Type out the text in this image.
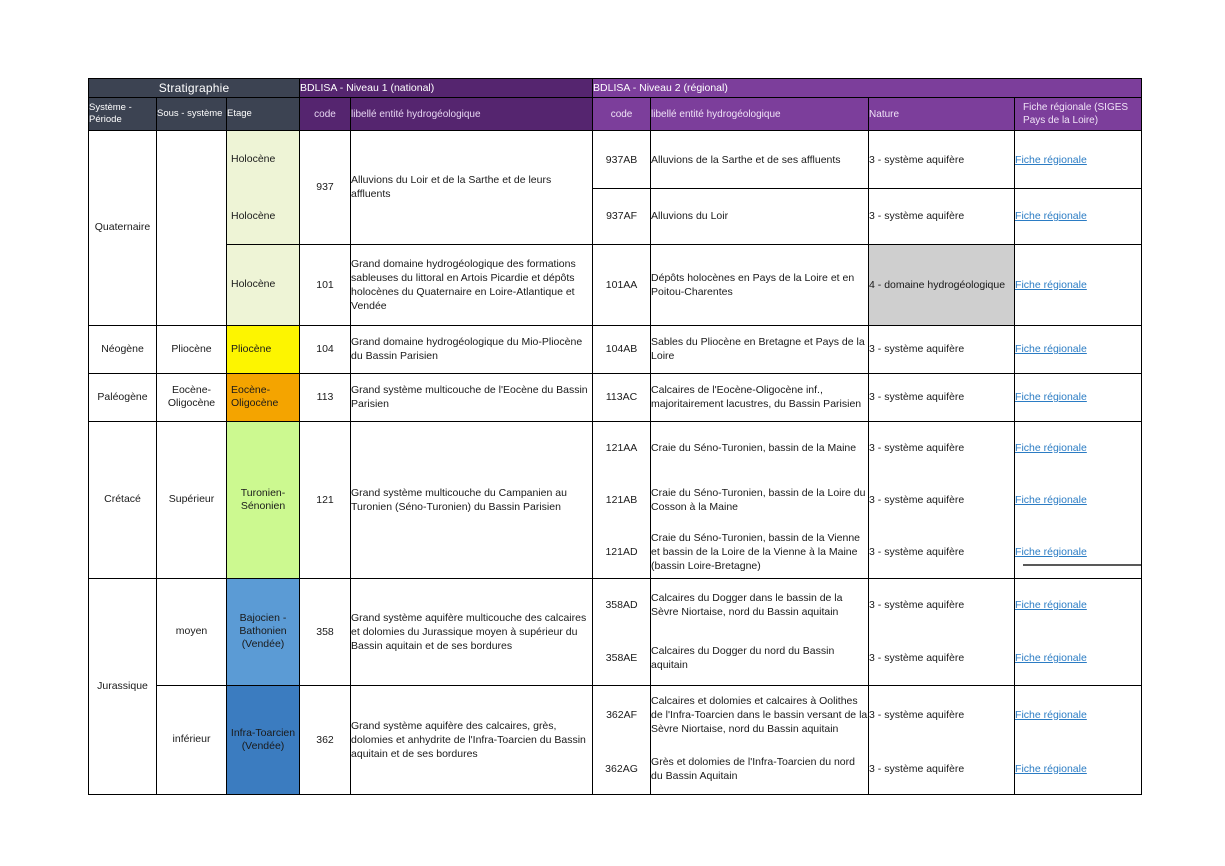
Stratigraphie			BDLISA - Niveau 1 (national)		BDLISA - Niveau 2 (régional)			
Système - Période	Sous - système	Etage	code	libellé entité hydrogéologique	code	libellé entité hydrogéologique	Nature	Fiche régionale (SIGES Pays de la Loire)
Quaternaire		Holocène	937	Alluvions du Loir et de la Sarthe et de leurs affluents	937AB	Alluvions de la Sarthe et de ses affluents	3 - système aquifère	Fiche régionale
		Holocène			937AF	Alluvions du Loir	3 - système aquifère	Fiche régionale
		Holocène	101	Grand domaine hydrogéologique des formations sableuses du littoral en Artois Picardie et dépôts holocènes du Quaternaire en Loire-Atlantique et Vendée	101AA	Dépôts holocènes en Pays de la Loire et en Poitou-Charentes	4 - domaine hydrogéologique	Fiche régionale
Néogène	Pliocène	Pliocène	104	Grand domaine hydrogéologique du Mio-Pliocène du Bassin Parisien	104AB	Sables du Pliocène en Bretagne et Pays de la Loire	3 - système aquifère	Fiche régionale
Paléogène	Eocène-Oligocène	Eocène-Oligocène	113	Grand système multicouche de l'Eocène du Bassin Parisien	113AC	Calcaires de l'Eocène-Oligocène inf., majoritairement lacustres, du Bassin Parisien	3 - système aquifère	Fiche régionale
Crétacé	Supérieur	Turonien-Sénonien	121	Grand système multicouche du Campanien au Turonien (Séno-Turonien) du Bassin Parisien	121AA	Craie du Séno-Turonien, bassin de la Maine	3 - système aquifère	Fiche régionale
					121AB	Craie du Séno-Turonien, bassin de la Loire du Cosson à la Maine	3 - système aquifère	Fiche régionale
					121AD	Craie du Séno-Turonien, bassin de la Vienne et bassin de la Loire de la Vienne à la Maine (bassin Loire-Bretagne)	3 - système aquifère	Fiche régionale
Jurassique	moyen	Bajocien - Bathonien (Vendée)	358	Grand système aquifère multicouche des calcaires et dolomies du Jurassique moyen à supérieur du Bassin aquitain et de ses bordures	358AD	Calcaires du Dogger dans le bassin de la Sèvre Niortaise, nord du Bassin aquitain	3 - système aquifère	Fiche régionale
					358AE	Calcaires du Dogger du nord du Bassin aquitain	3 - système aquifère	Fiche régionale
	inférieur	Infra-Toarcien (Vendée)	362	Grand système aquifère des calcaires, grès, dolomies et anhydrite de l'Infra-Toarcien du Bassin aquitain et de ses bordures	362AF	Calcaires et dolomies et calcaires à Oolithes de l'Infra-Toarcien dans le bassin versant de la Sèvre Niortaise, nord du Bassin aquitain	3 - système aquifère	Fiche régionale
					362AG	Grès et dolomies de l'Infra-Toarcien du nord du Bassin Aquitain	3 - système aquifère	Fiche régionale
